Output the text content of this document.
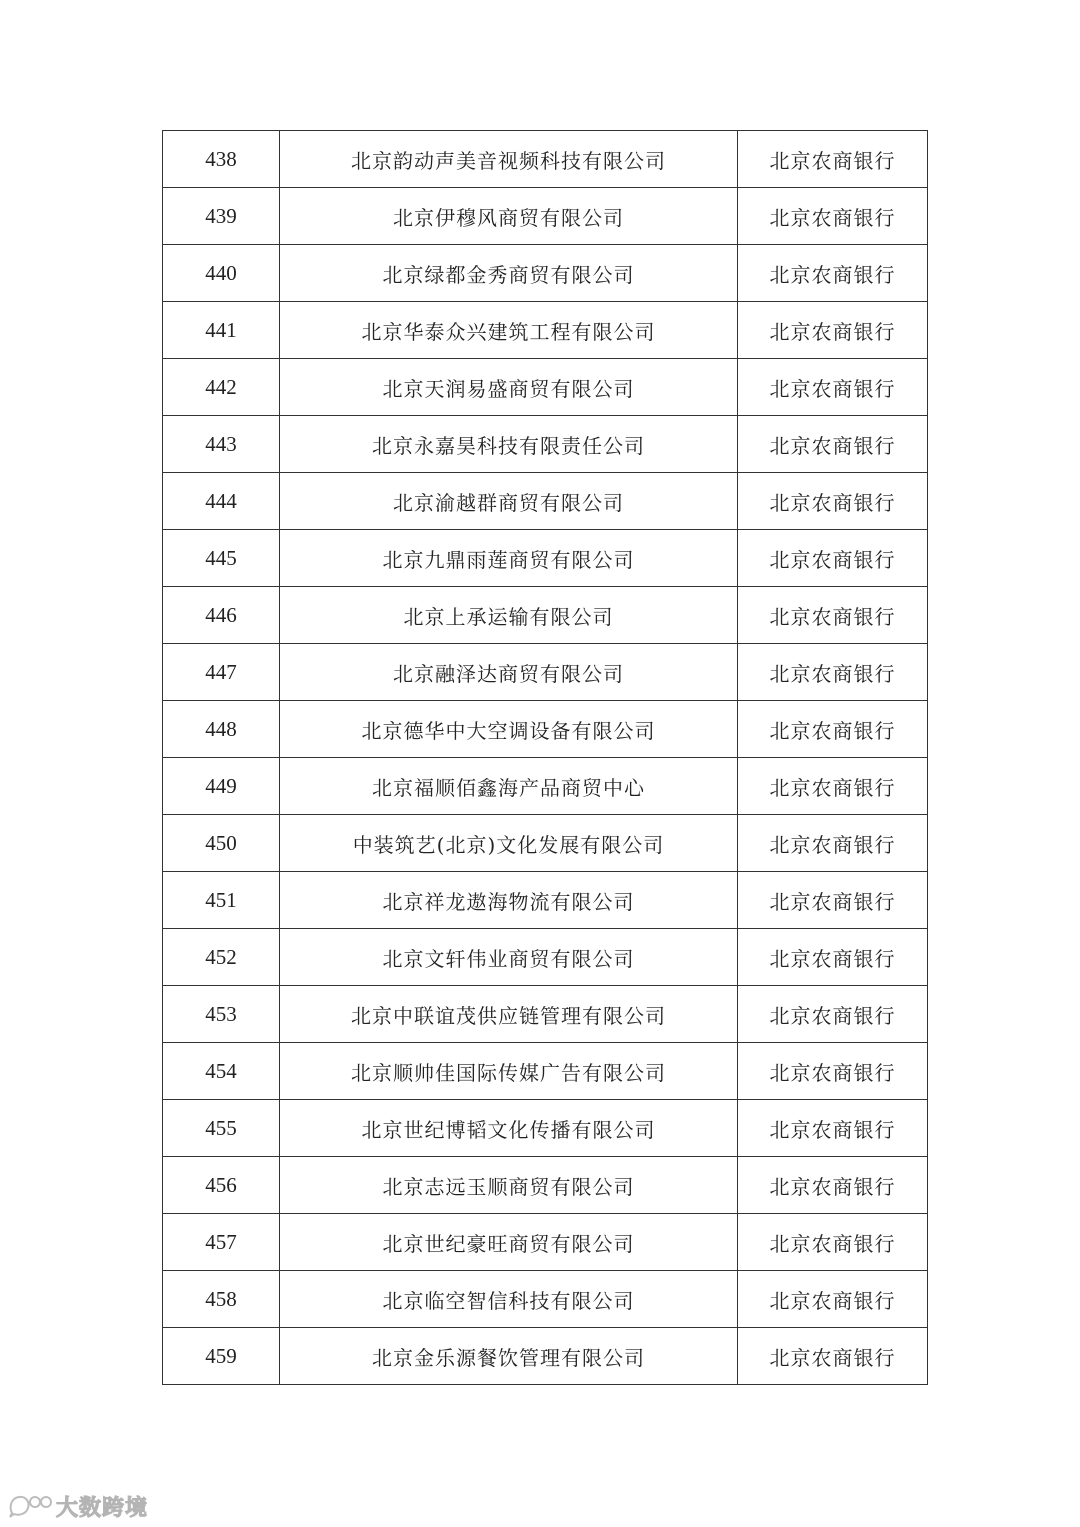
438	北京韵动声美音视频科技有限公司	北京农商银行
439	北京伊穆风商贸有限公司	北京农商银行
440	北京绿都金秀商贸有限公司	北京农商银行
441	北京华泰众兴建筑工程有限公司	北京农商银行
442	北京天润易盛商贸有限公司	北京农商银行
443	北京永嘉昊科技有限责任公司	北京农商银行
444	北京渝越群商贸有限公司	北京农商银行
445	北京九鼎雨莲商贸有限公司	北京农商银行
446	北京上承运输有限公司	北京农商银行
447	北京融泽达商贸有限公司	北京农商银行
448	北京德华中大空调设备有限公司	北京农商银行
449	北京福顺佰鑫海产品商贸中心	北京农商银行
450	中装筑艺(北京)文化发展有限公司	北京农商银行
451	北京祥龙遨海物流有限公司	北京农商银行
452	北京文轩伟业商贸有限公司	北京农商银行
453	北京中联谊茂供应链管理有限公司	北京农商银行
454	北京顺帅佳国际传媒广告有限公司	北京农商银行
455	北京世纪博韬文化传播有限公司	北京农商银行
456	北京志远玉顺商贸有限公司	北京农商银行
457	北京世纪豪旺商贸有限公司	北京农商银行
458	北京临空智信科技有限公司	北京农商银行
459	北京金乐源餐饮管理有限公司	北京农商银行
大数跨境
